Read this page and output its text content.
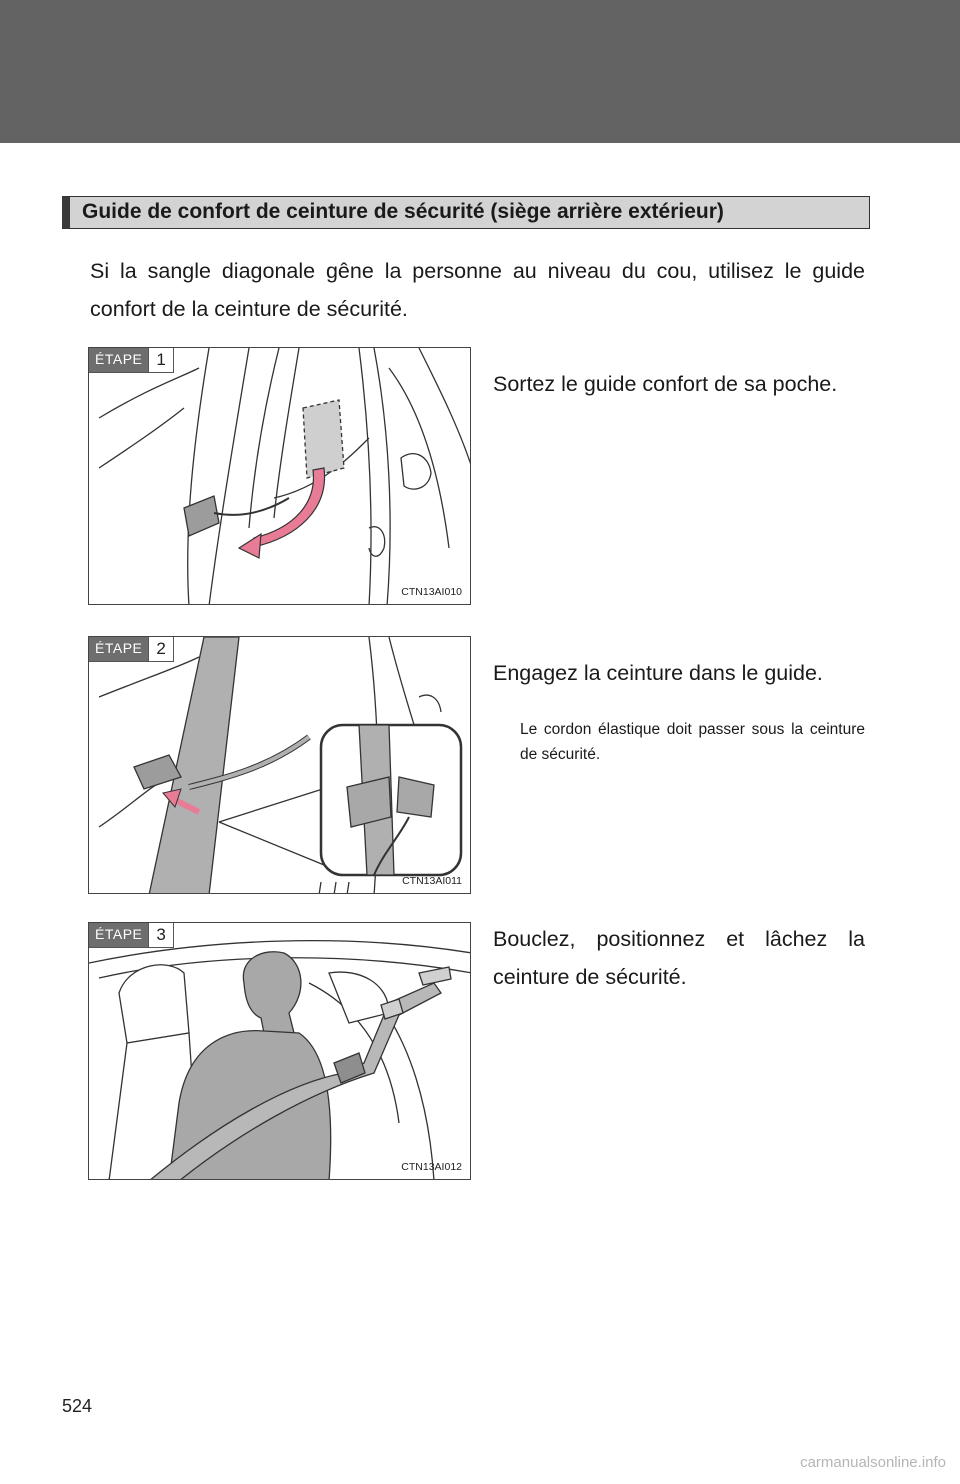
Guide de confort de ceinture de sécurité (siège arrière extérieur)
Si la sangle diagonale gêne la personne au niveau du cou, utilisez le guide confort de la ceinture de sécurité.
ÉTAPE 1
CTN13AI010
Sortez le guide confort de sa poche.
ÉTAPE 2
CTN13AI011
Engagez la ceinture dans le guide.
Le cordon élastique doit passer sous la ceinture de sécurité.
ÉTAPE 3
CTN13AI012
Bouclez, positionnez et lâchez la ceinture de sécurité.
524
carmanualsonline.info
